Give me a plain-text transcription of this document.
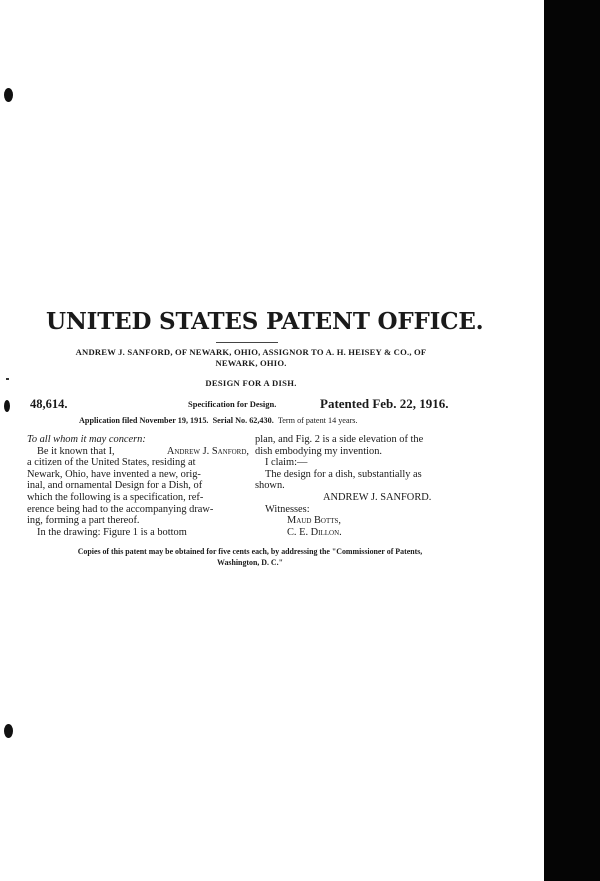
UNITED STATES PATENT OFFICE.
ANDREW J. SANFORD, OF NEWARK, OHIO, ASSIGNOR TO A. H. HEISEY & CO., OF
NEWARK, OHIO.
DESIGN FOR A DISH.
48,614.	Specification for Design.	Patented Feb. 22, 1916.
Application filed November 19, 1915. Serial No. 62,430. Term of patent 14 years.
To all whom it may concern:
Be it known that I,	Andrew J. Sanford,
a citizen of the United States, residing at
Newark, Ohio, have invented a new, orig-
inal, and ornamental Design for a Dish, of
which the following is a specification, ref-
erence being had to the accompanying draw-
ing, forming a part thereof.
In the drawing: Figure 1 is a bottom
plan, and Fig. 2 is a side elevation of the
dish embodying my invention.
I claim:—
The design for a dish, substantially as
shown.
ANDREW J. SANFORD.
Witnesses:
Maud Botts,
C. E. Dillon.
Copies of this patent may be obtained for five cents each, by addressing the "Commissioner of Patents,
Washington, D. C."
